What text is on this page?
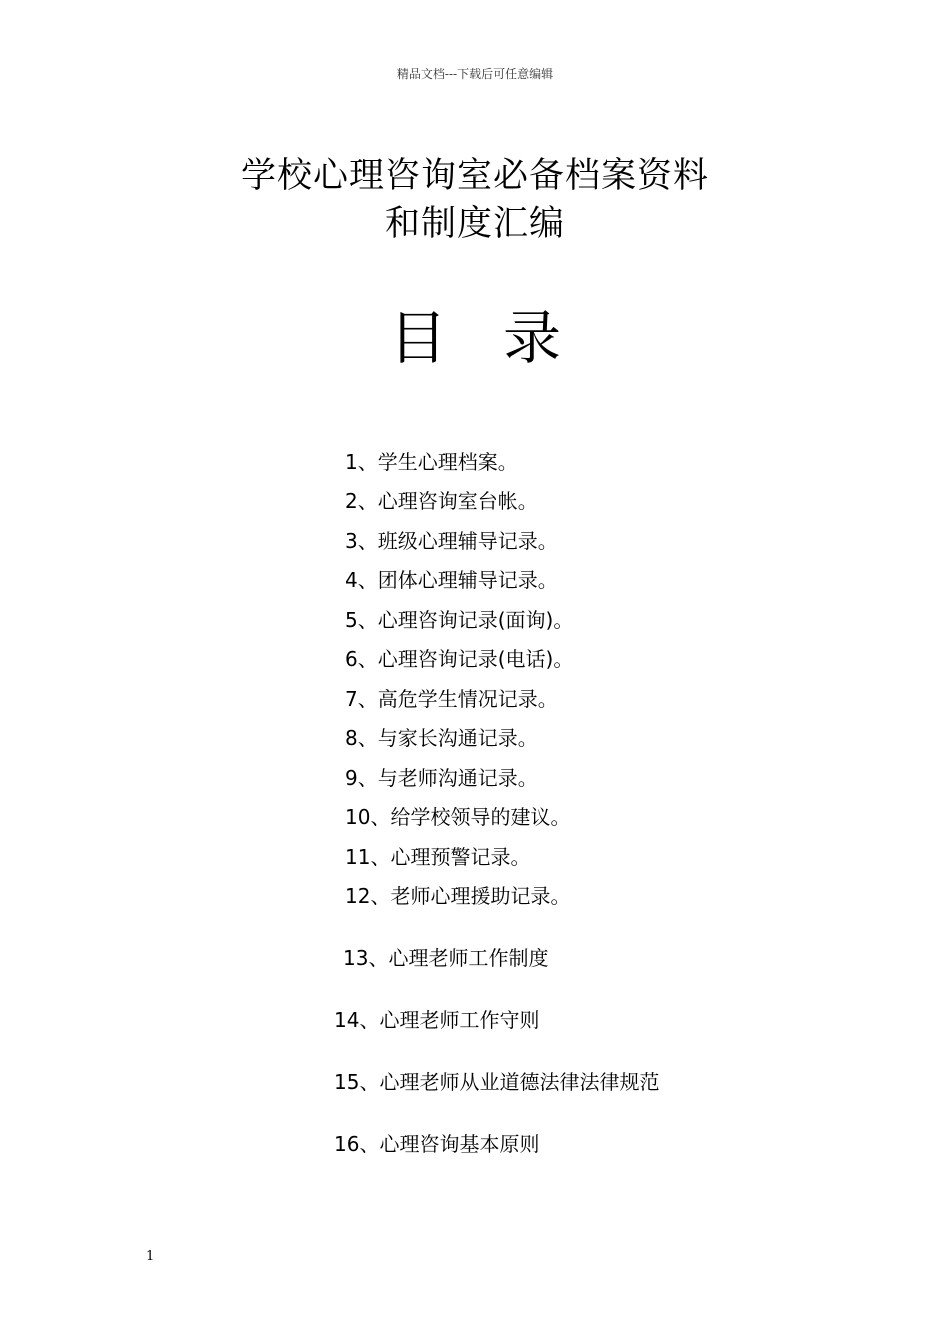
精品文档---下载后可任意编辑
学校心理咨询室必备档案资料
和制度汇编
目录
1、学生心理档案。
2、心理咨询室台帐。
3、班级心理辅导记录。
4、团体心理辅导记录。
5、心理咨询记录(面询)。
6、心理咨询记录(电话)。
7、高危学生情况记录。
8、与家长沟通记录。
9、与老师沟通记录。
10、给学校领导的建议。
11、心理预警记录。
12、老师心理援助记录。
13、心理老师工作制度
14、心理老师工作守则
15、心理老师从业道德法律法律规范
16、心理咨询基本原则
1
